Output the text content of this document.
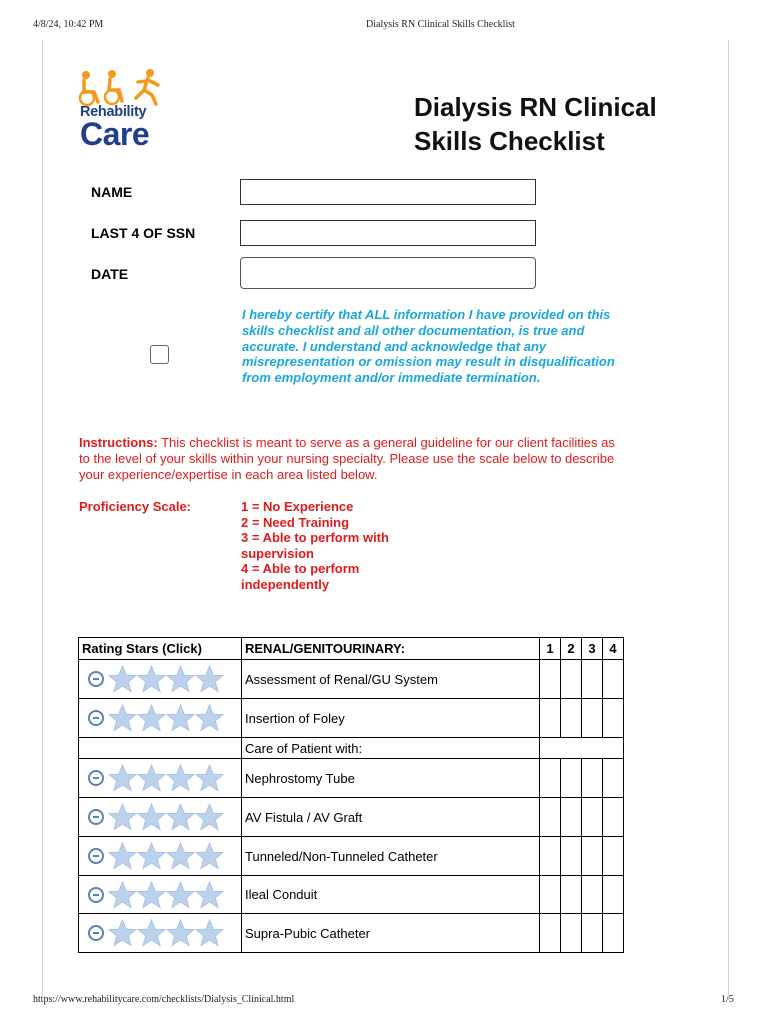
4/8/24, 10:42 PM	Dialysis RN Clinical Skills Checklist
https://www.rehabilitycare.com/checklists/Dialysis_Clinical.html	1/5
Rehability
Care
Dialysis RN Clinical Skills Checklist
NAME
LAST 4 OF SSN
DATE
I hereby certify that ALL information I have provided on this skills checklist and all other documentation, is true and accurate. I understand and acknowledge that any misrepresentation or omission may result in disqualification from employment and/or immediate termination.
Instructions: This checklist is meant to serve as a general guideline for our client facilities as to the level of your skills within your nursing specialty. Please use the scale below to describe your experience/expertise in each area listed below.
Proficiency Scale:	1 = No Experience
2 = Need Training
3 = Able to perform with supervision
4 = Able to perform independently
Rating Stars (Click)	RENAL/GENITOURINARY:	1	2	3	4

	Assessment of Renal/GU System				

	Insertion of Foley				
	Care of Patient with:				

	Nephrostomy Tube				

	AV Fistula / AV Graft				

	Tunneled/Non-Tunneled Catheter				

	Ileal Conduit				

	Supra-Pubic Catheter				
